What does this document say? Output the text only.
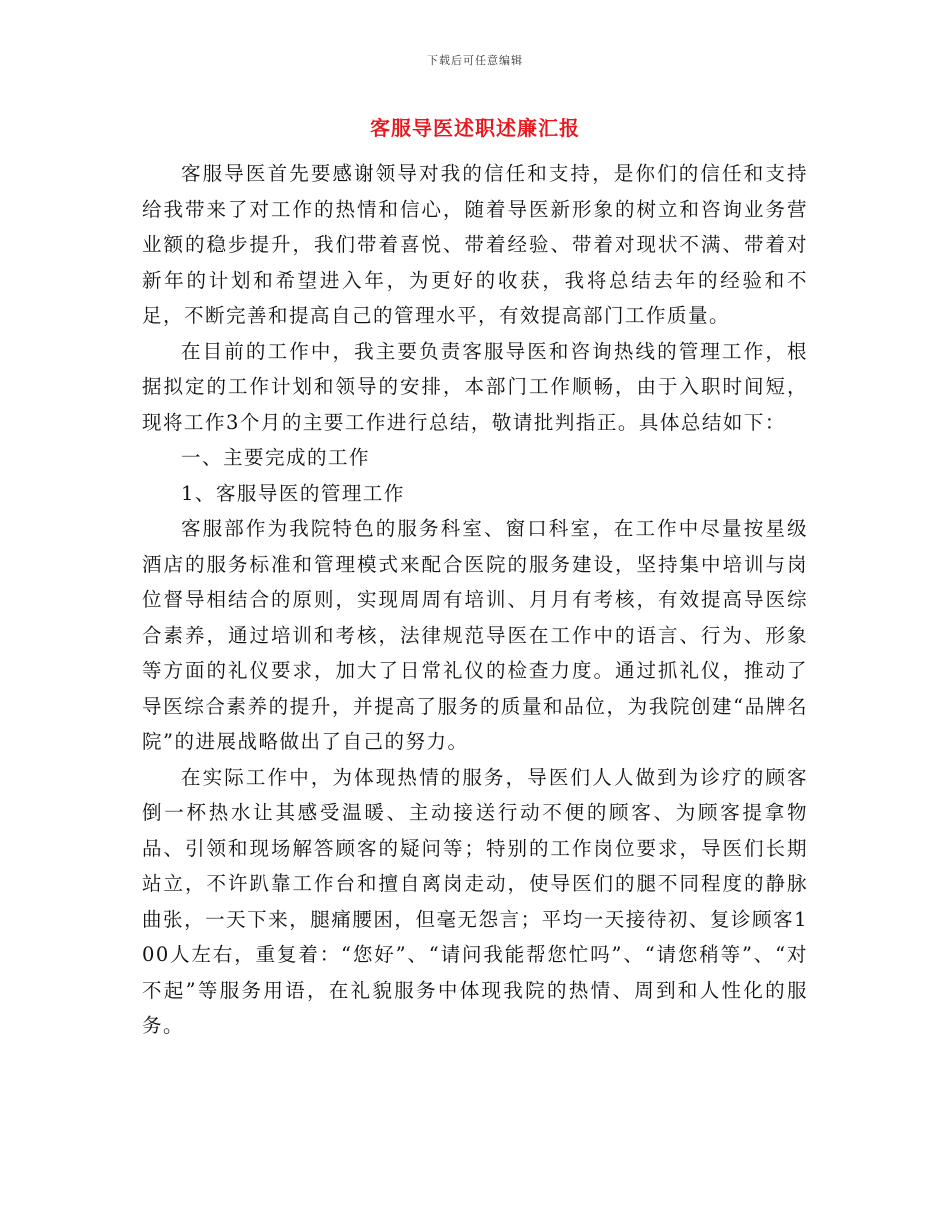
下载后可任意编辑
客服导医述职述廉汇报

客服导医首先要感谢领导对我的信任和支持，是你们的信任和支持给我带来了对工作的热情和信心，随着导医新形象的树立和咨询业务营业额的稳步提升，我们带着喜悦、带着经验、带着对现状不满、带着对新年的计划和希望进入年，为更好的收获，我将总结去年的经验和不足，不断完善和提高自己的管理水平，有效提高部门工作质量。

在目前的工作中，我主要负责客服导医和咨询热线的管理工作，根据拟定的工作计划和领导的安排，本部门工作顺畅，由于入职时间短，现将工作3个月的主要工作进行总结，敬请批判指正。具体总结如下：

一、主要完成的工作

1、客服导医的管理工作

客服部作为我院特色的服务科室、窗口科室，在工作中尽量按星级酒店的服务标准和管理模式来配合医院的服务建设，坚持集中培训与岗位督导相结合的原则，实现周周有培训、月月有考核，有效提高导医综合素养，通过培训和考核，法律规范导医在工作中的语言、行为、形象等方面的礼仪要求，加大了日常礼仪的检查力度。通过抓礼仪，推动了导医综合素养的提升，并提高了服务的质量和品位，为我院创建“品牌名院”的进展战略做出了自己的努力。

在实际工作中，为体现热情的服务，导医们人人做到为诊疗的顾客倒一杯热水让其感受温暖、主动接送行动不便的顾客、为顾客提拿物品、引领和现场解答顾客的疑问等；特别的工作岗位要求，导医们长期站立，不许趴靠工作台和擅自离岗走动，使导医们的腿不同程度的静脉曲张，一天下来，腿痛腰困，但毫无怨言；平均一天接待初、复诊顾客100人左右，重复着：“您好”、“请问我能帮您忙吗”、“请您稍等”、“对不起”等服务用语，在礼貌服务中体现我院的热情、周到和人性化的服务。
